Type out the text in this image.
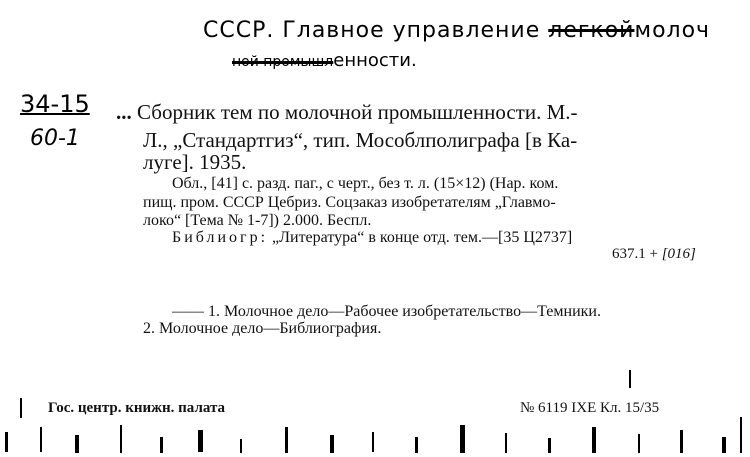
СССР. Главное управление легкоймолоч
ной промышленности.
34-15
60-1
... Сборник тем по молочной промышленности. М.-
Л., „Стандартгиз“, тип. Мособлполиграфа [в Ка-
луге]. 1935.
Обл., [41] с. разд. паг., с черт., без т. л. (15×12) (Нар. ком.
пищ. пром. СССР Цебриз. Соцзаказ изобретателям „Главмо-
локо“ [Тема № 1-7]) 2.000. Беспл.
Библиогр: „Литература“ в конце отд. тем.—[35 Ц2737]
637.1 + [016]
—— 1. Молочное дело—Рабочее изобретательство—Темники.
2. Молочное дело—Библиография.
Гос. центр. книжн. палата	№ 6119 IXE Кл. 15/35
